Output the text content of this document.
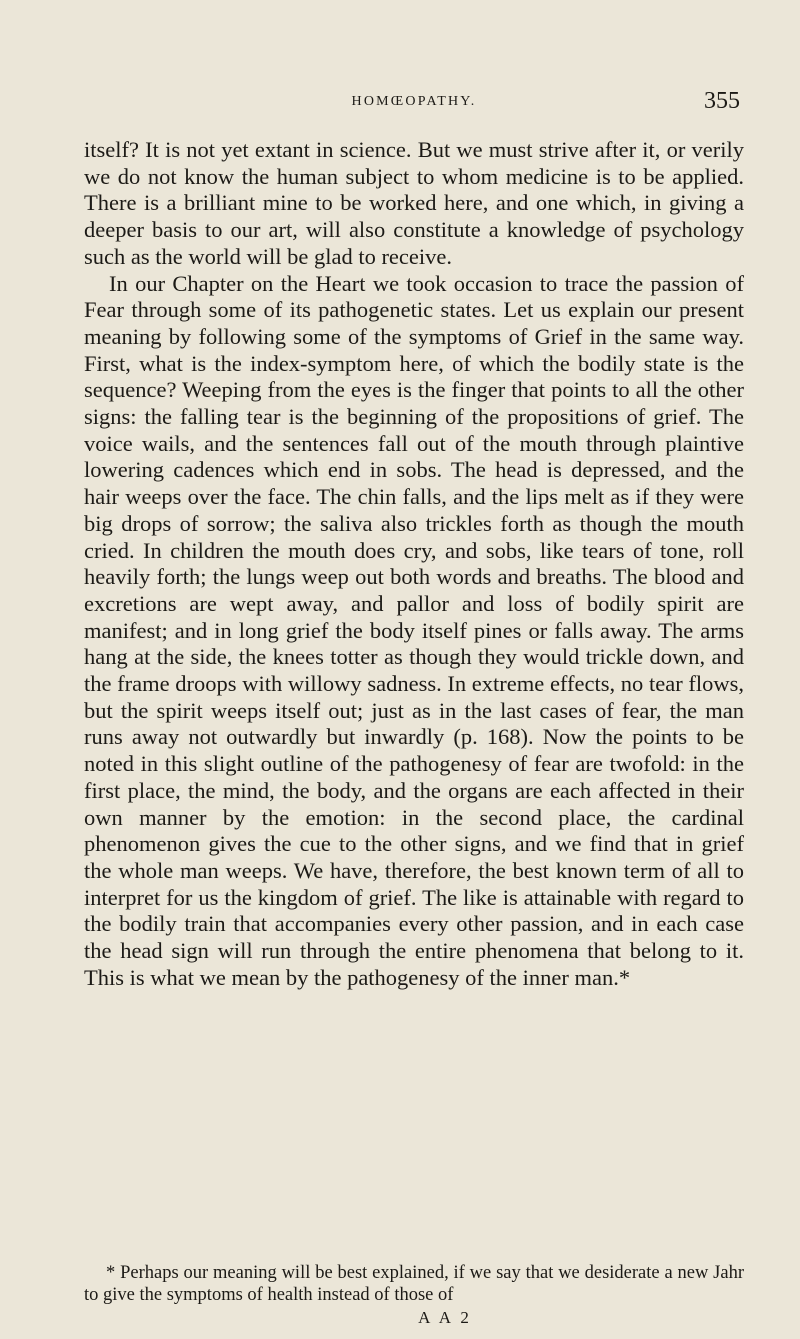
HOMŒOPATHY.	355

itself? It is not yet extant in science. But we must strive after it, or verily we do not know the human subject to whom medicine is to be applied. There is a brilliant mine to be worked here, and one which, in giving a deeper basis to our art, will also constitute a knowledge of psychology such as the world will be glad to receive.

In our Chapter on the Heart we took occasion to trace the passion of Fear through some of its pathogenetic states. Let us explain our present meaning by following some of the symptoms of Grief in the same way. First, what is the index-symptom here, of which the bodily state is the sequence? Weeping from the eyes is the finger that points to all the other signs: the falling tear is the beginning of the propositions of grief. The voice wails, and the sentences fall out of the mouth through plaintive lowering cadences which end in sobs. The head is depressed, and the hair weeps over the face. The chin falls, and the lips melt as if they were big drops of sorrow; the saliva also trickles forth as though the mouth cried. In children the mouth does cry, and sobs, like tears of tone, roll heavily forth; the lungs weep out both words and breaths. The blood and excretions are wept away, and pallor and loss of bodily spirit are manifest; and in long grief the body itself pines or falls away. The arms hang at the side, the knees totter as though they would trickle down, and the frame droops with willowy sadness. In extreme effects, no tear flows, but the spirit weeps itself out; just as in the last cases of fear, the man runs away not outwardly but inwardly (p. 168). Now the points to be noted in this slight outline of the pathogenesy of fear are twofold: in the first place, the mind, the body, and the organs are each affected in their own manner by the emotion: in the second place, the cardinal phenomenon gives the cue to the other signs, and we find that in grief the whole man weeps. We have, therefore, the best known term of all to interpret for us the kingdom of grief. The like is attainable with regard to the bodily train that accompanies every other passion, and in each case the head sign will run through the entire phenomena that belong to it. This is what we mean by the pathogenesy of the inner man.*

* Perhaps our meaning will be best explained, if we say that we desiderate a new Jahr to give the symptoms of health instead of those of

A A 2
